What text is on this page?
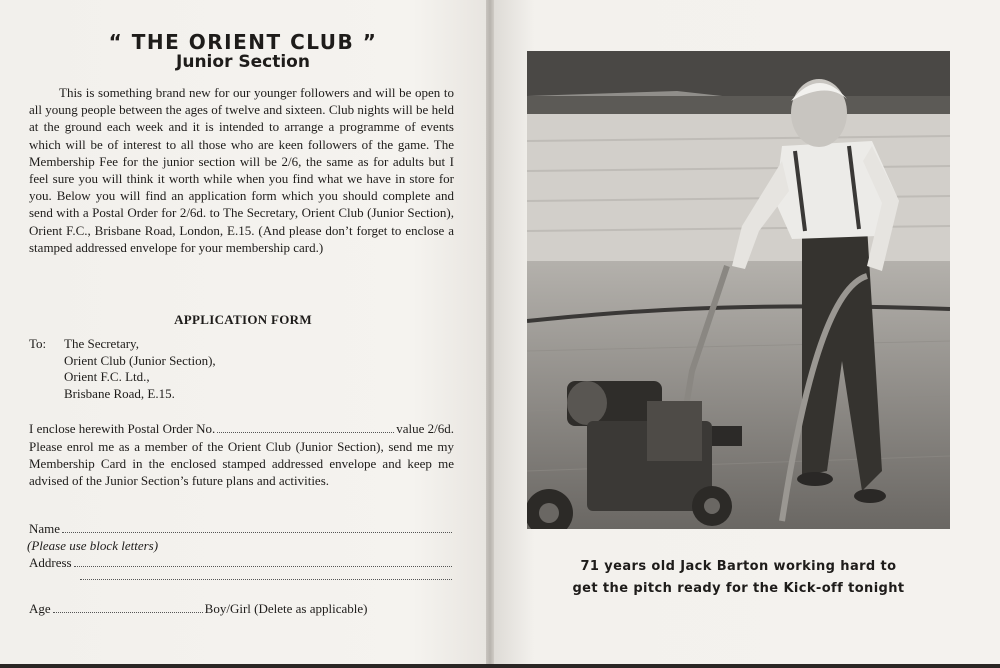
“ THE ORIENT CLUB ”
Junior Section

This is something brand new for our younger followers and will be open to all young people between the ages of twelve and sixteen. Club nights will be held at the ground each week and it is intended to arrange a programme of events which will be of interest to all those who are keen followers of the game. The Membership Fee for the junior section will be 2/6, the same as for adults but I feel sure you will think it worth while when you find what we have in store for you. Below you will find an application form which you should complete and send with a Postal Order for 2/6d. to The Secretary, Orient Club (Junior Section), Orient F.C., Brisbane Road, London, E.15. (And please don’t forget to enclose a stamped addressed envelope for your membership card.)

APPLICATION FORM
To: The Secretary,
Orient Club (Junior Section),
Orient F.C. Ltd.,
Brisbane Road, E.15.
I enclose herewith Postal Order No.	value 2/6d.
Please enrol me as a member of the Orient Club (Junior Section), send me my Membership Card in the enclosed stamped addressed envelope and keep me advised of the Junior Section’s future plans and activities.
Name
(Please use block letters)
Address
Age	Boy/Girl (Delete as applicable)
71 years old Jack Barton working hard to
get the pitch ready for the Kick-off tonight
